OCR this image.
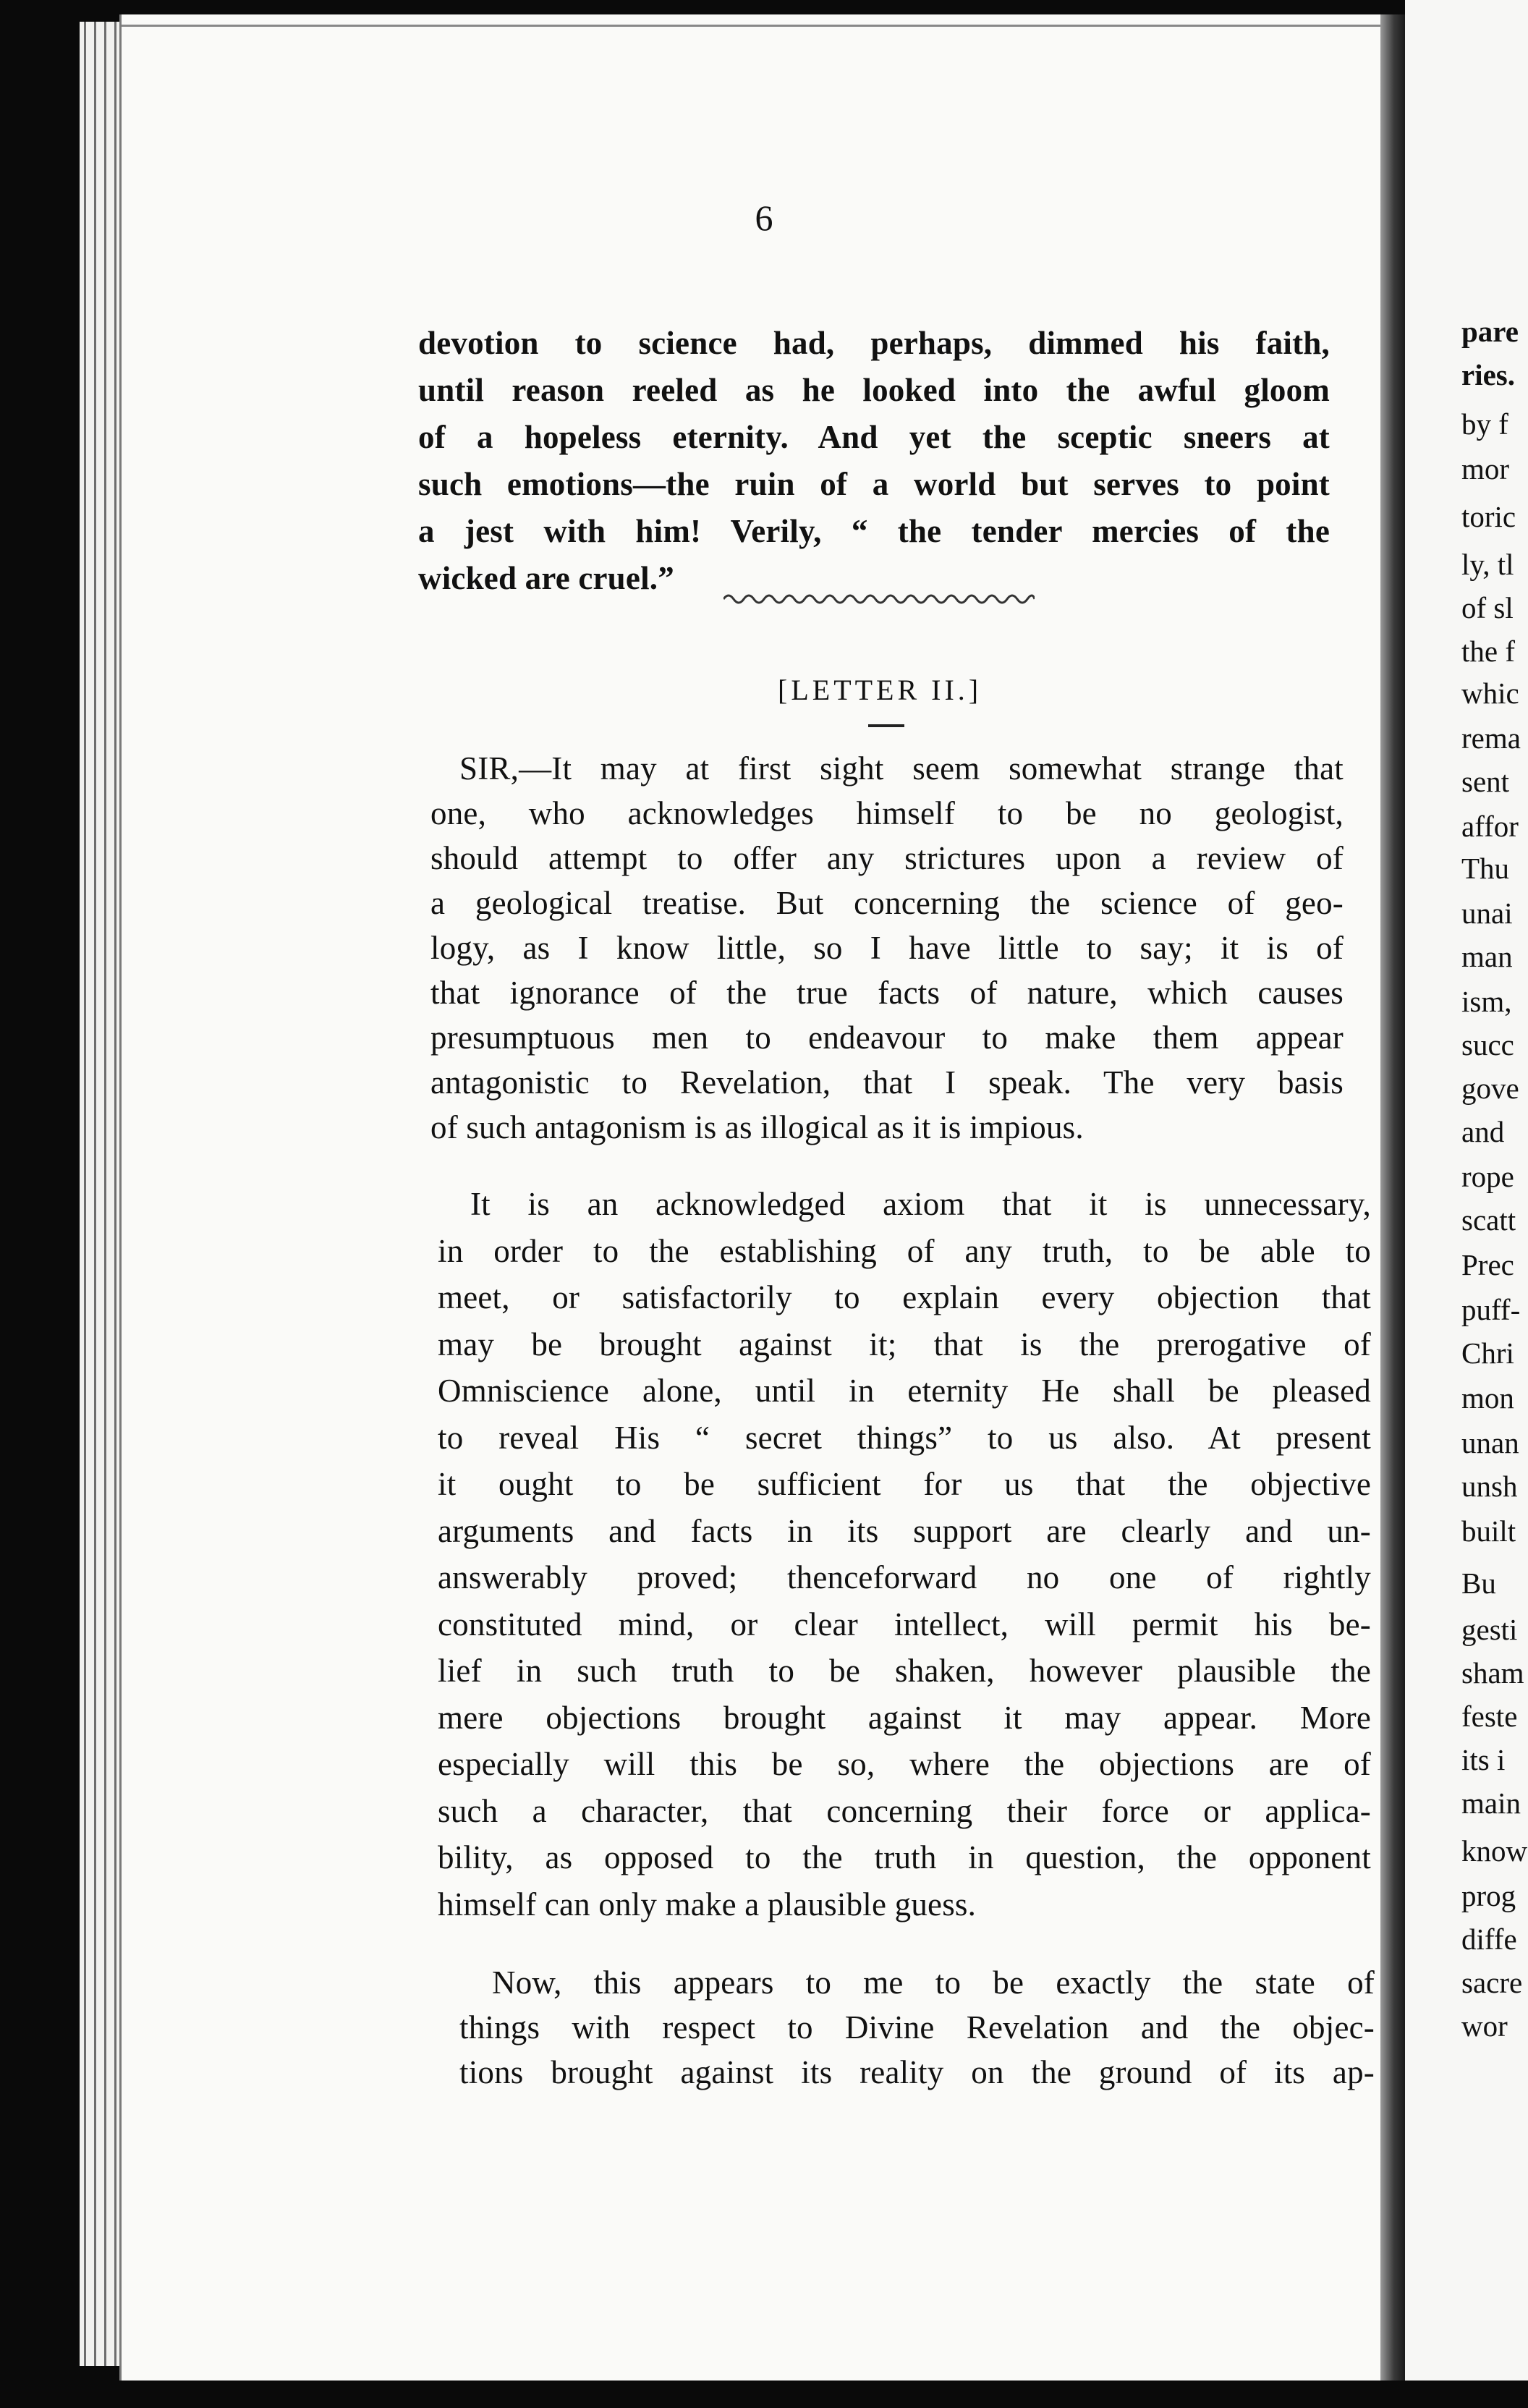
6
devotion to science had, perhaps, dimmed his faith,
until reason reeled as he looked into the awful gloom
of a hopeless eternity. And yet the sceptic sneers at
such emotions—the ruin of a world but serves to point
a jest with him! Verily, “ the tender mercies of the
wicked are cruel.”
[LETTER II.]
SIR,—It may at first sight seem somewhat strange that
one, who acknowledges himself to be no geologist,
should attempt to offer any strictures upon a review of
a geological treatise. But concerning the science of geo-
logy, as I know little, so I have little to say; it is of
that ignorance of the true facts of nature, which causes
presumptuous men to endeavour to make them appear
antagonistic to Revelation, that I speak. The very basis
of such antagonism is as illogical as it is impious.
It is an acknowledged axiom that it is unnecessary,
in order to the establishing of any truth, to be able to
meet, or satisfactorily to explain every objection that
may be brought against it; that is the prerogative of
Omniscience alone, until in eternity He shall be pleased
to reveal His “ secret things” to us also. At present
it ought to be sufficient for us that the objective
arguments and facts in its support are clearly and un-
answerably proved; thenceforward no one of rightly
constituted mind, or clear intellect, will permit his be-
lief in such truth to be shaken, however plausible the
mere objections brought against it may appear. More
especially will this be so, where the objections are of
such a character, that concerning their force or applica-
bility, as opposed to the truth in question, the opponent
himself can only make a plausible guess.
Now, this appears to me to be exactly the state of
things with respect to Divine Revelation and the objec-
tions brought against its reality on the ground of its ap-
pare
ries.
by f
mor
toric
ly, tl
of sl
the f
whic
rema
sent
affor
Thu
unai
man
ism,
succ
gove
and
rope
scatt
Prec
puff-
Chri
mon
unan
unsh
built
Bu
gesti
sham
feste
its i
main
know
prog
diffe
sacre
wor
